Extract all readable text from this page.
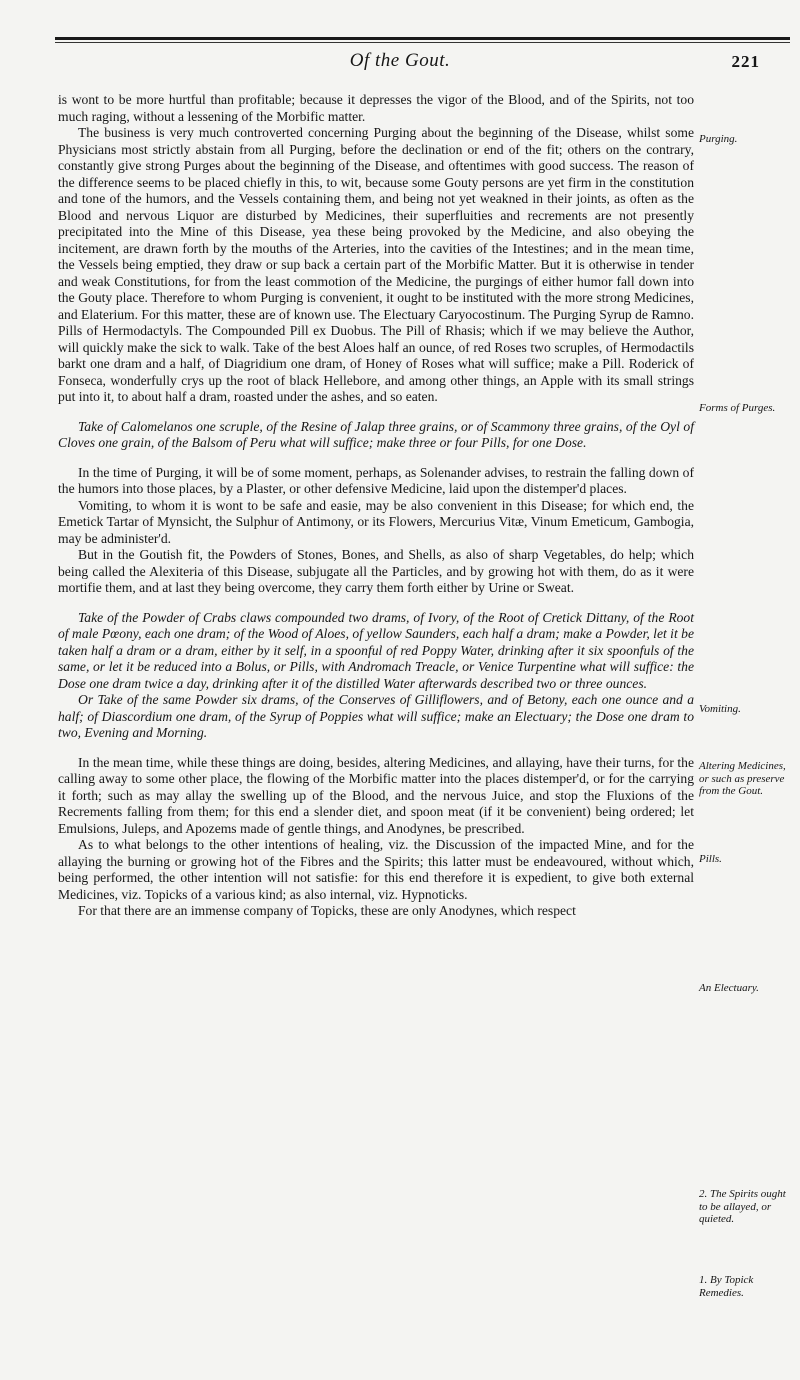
Of the Gout.	221

is wont to be more hurtful than profitable; because it depresses the vigor of the Blood, and of the Spirits, not too much raging, without a lessening of the Morbific matter.

The business is very much controverted concerning Purging about the beginning of the Disease, whilst some Physicians most strictly abstain from all Purging, before the declination or end of the fit; others on the contrary, constantly give strong Purges about the beginning of the Disease, and oftentimes with good success. The reason of the difference seems to be placed chiefly in this, to wit, because some Gouty persons are yet firm in the constitution and tone of the humors, and the Vessels containing them, and being not yet weakned in their joints, as often as the Blood and nervous Liquor are disturbed by Medicines, their superfluities and recrements are not presently precipitated into the Mine of this Disease, yea these being provoked by the Medicine, and also obeying the incitement, are drawn forth by the mouths of the Arteries, into the cavities of the Intestines; and in the mean time, the Vessels being emptied, they draw or sup back a certain part of the Morbific Matter. But it is otherwise in tender and weak Constitutions, for from the least commotion of the Medicine, the purgings of either humor fall down into the Gouty place. Therefore to whom Purging is convenient, it ought to be instituted with the more strong Medicines, and Elaterium. For this matter, these are of known use. The Electuary Caryocostinum. The Purging Syrup de Ramno. Pills of Hermodactyls. The Compounded Pill ex Duobus. The Pill of Rhasis; which if we may believe the Author, will quickly make the sick to walk. Take of the best Aloes half an ounce, of red Roses two scruples, of Hermodactils barkt one dram and a half, of Diagridium one dram, of Honey of Roses what will suffice; make a Pill. Roderick of Fonseca, wonderfully crys up the root of black Hellebore, and among other things, an Apple with its small strings put into it, to about half a dram, roasted under the ashes, and so eaten.

Take of Calomelanos one scruple, of the Resine of Jalap three grains, or of Scammony three grains, of the Oyl of Cloves one grain, of the Balsom of Peru what will suffice; make three or four Pills, for one Dose.

In the time of Purging, it will be of some moment, perhaps, as Solenander advises, to restrain the falling down of the humors into those places, by a Plaster, or other defensive Medicine, laid upon the distemper'd places.

Vomiting, to whom it is wont to be safe and easie, may be also convenient in this Disease; for which end, the Emetick Tartar of Mynsicht, the Sulphur of Antimony, or its Flowers, Mercurius Vitæ, Vinum Emeticum, Gambogia, may be administer'd.

But in the Goutish fit, the Powders of Stones, Bones, and Shells, as also of sharp Vegetables, do help; which being called the Alexiteria of this Disease, subjugate all the Particles, and by growing hot with them, do as it were mortifie them, and at last they being overcome, they carry them forth either by Urine or Sweat.

Take of the Powder of Crabs claws compounded two drams, of Ivory, of the Root of Cretick Dittany, of the Root of male Pœony, each one dram; of the Wood of Aloes, of yellow Saunders, each half a dram; make a Powder, let it be taken half a dram or a dram, either by it self, in a spoonful of red Poppy Water, drinking after it six spoonfuls of the same, or let it be reduced into a Bolus, or Pills, with Andromach Treacle, or Venice Turpentine what will suffice: the Dose one dram twice a day, drinking after it of the distilled Water afterwards described two or three ounces.

Or Take of the same Powder six drams, of the Conserves of Gilliflowers, and of Betony, each one ounce and a half; of Diascordium one dram, of the Syrup of Poppies what will suffice; make an Electuary; the Dose one dram to two, Evening and Morning.

In the mean time, while these things are doing, besides, altering Medicines, and allaying, have their turns, for the calling away to some other place, the flowing of the Morbific matter into the places distemper'd, or for the carrying it forth; such as may allay the swelling up of the Blood, and the nervous Juice, and stop the Fluxions of the Recrements falling from them; for this end a slender diet, and spoon meat (if it be convenient) being ordered; let Emulsions, Juleps, and Apozems made of gentle things, and Anodynes, be prescribed.

As to what belongs to the other intentions of healing, viz. the Discussion of the impacted Mine, and for the allaying the burning or growing hot of the Fibres and the Spirits; this latter must be endeavoured, without which, being performed, the other intention will not satisfie: for this end therefore it is expedient, to give both external Medicines, viz. Topicks of a various kind; as also internal, viz. Hypnoticks.

For that there are an immense company of Topicks, these are only Anodynes, which respect

Purging.
Forms of Purges.
Vomiting.
Altering Medicines, or such as preserve from the Gout.
Pills.
An Electuary.
2. The Spirits ought to be allayed, or quieted.
1. By Topick Remedies.
